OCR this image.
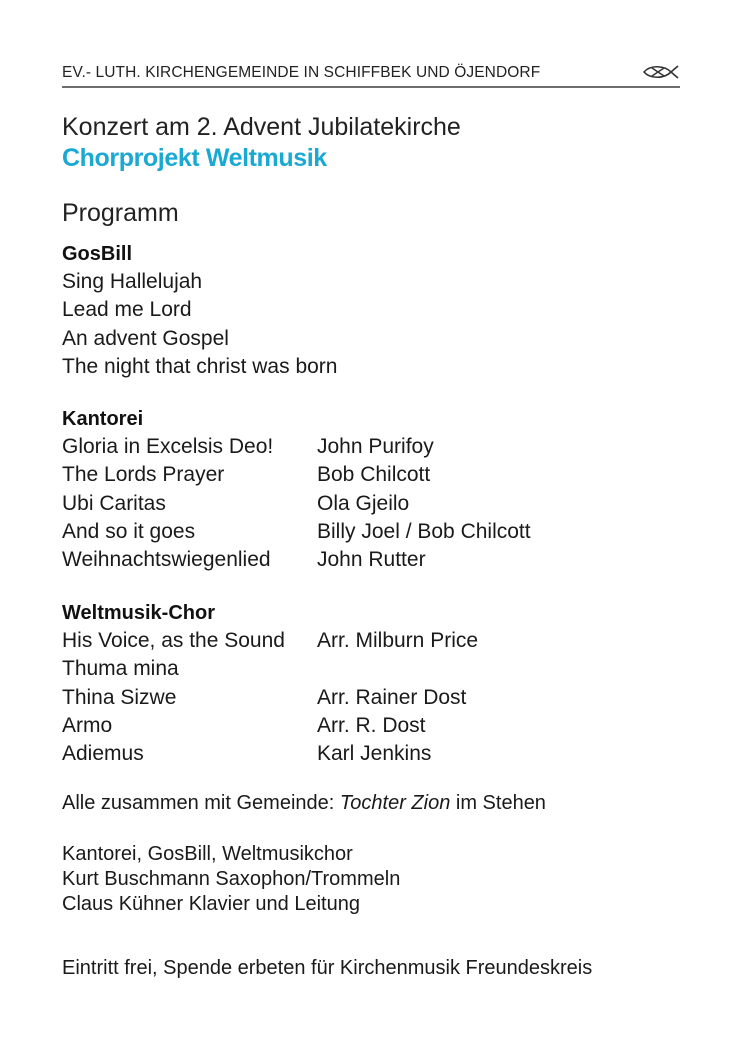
EV.- LUTH. KIRCHENGEMEINDE IN SCHIFFBEK UND ÖJENDORF
Konzert am 2. Advent Jubilatekirche
Chorprojekt Weltmusik
Programm
GosBill
Sing Hallelujah
Lead me Lord
An advent Gospel
The night that christ was born
Kantorei
Gloria in Excelsis Deo! John Purifoy
The Lords Prayer	Bob Chilcott
Ubi Caritas	Ola Gjeilo
And so it goes	Billy Joel / Bob Chilcott
Weihnachtswiegenlied John Rutter
Weltmusik-Chor
His Voice, as the Sound Arr. Milburn Price
Thuma mina
Thina Sizwe	Arr. Rainer Dost
Armo	Arr. R. Dost
Adiemus	Karl Jenkins
Alle zusammen mit Gemeinde: Tochter Zion im Stehen
Kantorei, GosBill, Weltmusikchor
Kurt Buschmann Saxophon/Trommeln
Claus Kühner Klavier und Leitung
Eintritt frei, Spende erbeten für Kirchenmusik Freundeskreis
